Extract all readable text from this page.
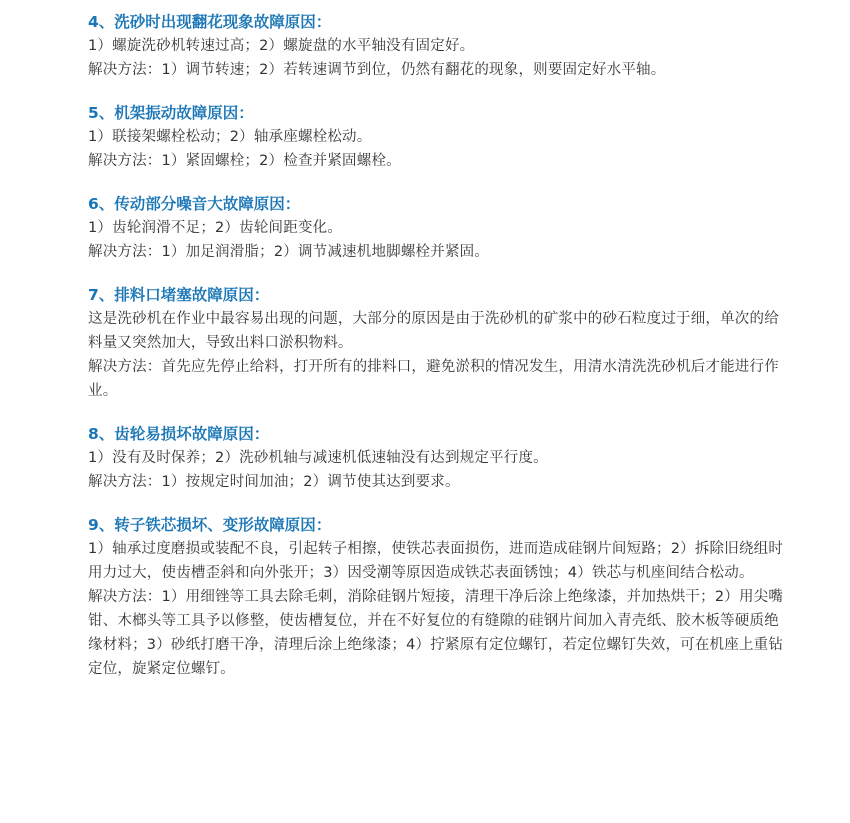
4、洗砂时出现翻花现象故障原因：

1）螺旋洗砂机转速过高；2）螺旋盘的水平轴没有固定好。

解决方法：1）调节转速；2）若转速调节到位，仍然有翻花的现象，则要固定好水平轴。

5、机架振动故障原因：

1）联接架螺栓松动；2）轴承座螺栓松动。

解决方法：1）紧固螺栓；2）检查并紧固螺栓。

6、传动部分噪音大故障原因：

1）齿轮润滑不足；2）齿轮间距变化。

解决方法：1）加足润滑脂；2）调节减速机地脚螺栓并紧固。

7、排料口堵塞故障原因：

这是洗砂机在作业中最容易出现的问题，大部分的原因是由于洗砂机的矿浆中的砂石粒度过于细，单次的给料量又突然加大，导致出料口淤积物料。

解决方法：首先应先停止给料，打开所有的排料口，避免淤积的情况发生，用清水清洗洗砂机后才能进行作业。

8、齿轮易损坏故障原因：

1）没有及时保养；2）洗砂机轴与减速机低速轴没有达到规定平行度。

解决方法：1）按规定时间加油；2）调节使其达到要求。

9、转子铁芯损坏、变形故障原因：

1）轴承过度磨损或装配不良，引起转子相擦，使铁芯表面损伤，进而造成硅钢片间短路；2）拆除旧绕组时用力过大，使齿槽歪斜和向外张开；3）因受潮等原因造成铁芯表面锈蚀；4）铁芯与机座间结合松动。

解决方法：1）用细锉等工具去除毛刺，消除硅钢片短接，清理干净后涂上绝缘漆，并加热烘干；2）用尖嘴钳、木榔头等工具予以修整，使齿槽复位，并在不好复位的有缝隙的硅钢片间加入青壳纸、胶木板等硬质绝缘材料；3）砂纸打磨干净，清理后涂上绝缘漆；4）拧紧原有定位螺钉，若定位螺钉失效，可在机座上重钻定位，旋紧定位螺钉。
